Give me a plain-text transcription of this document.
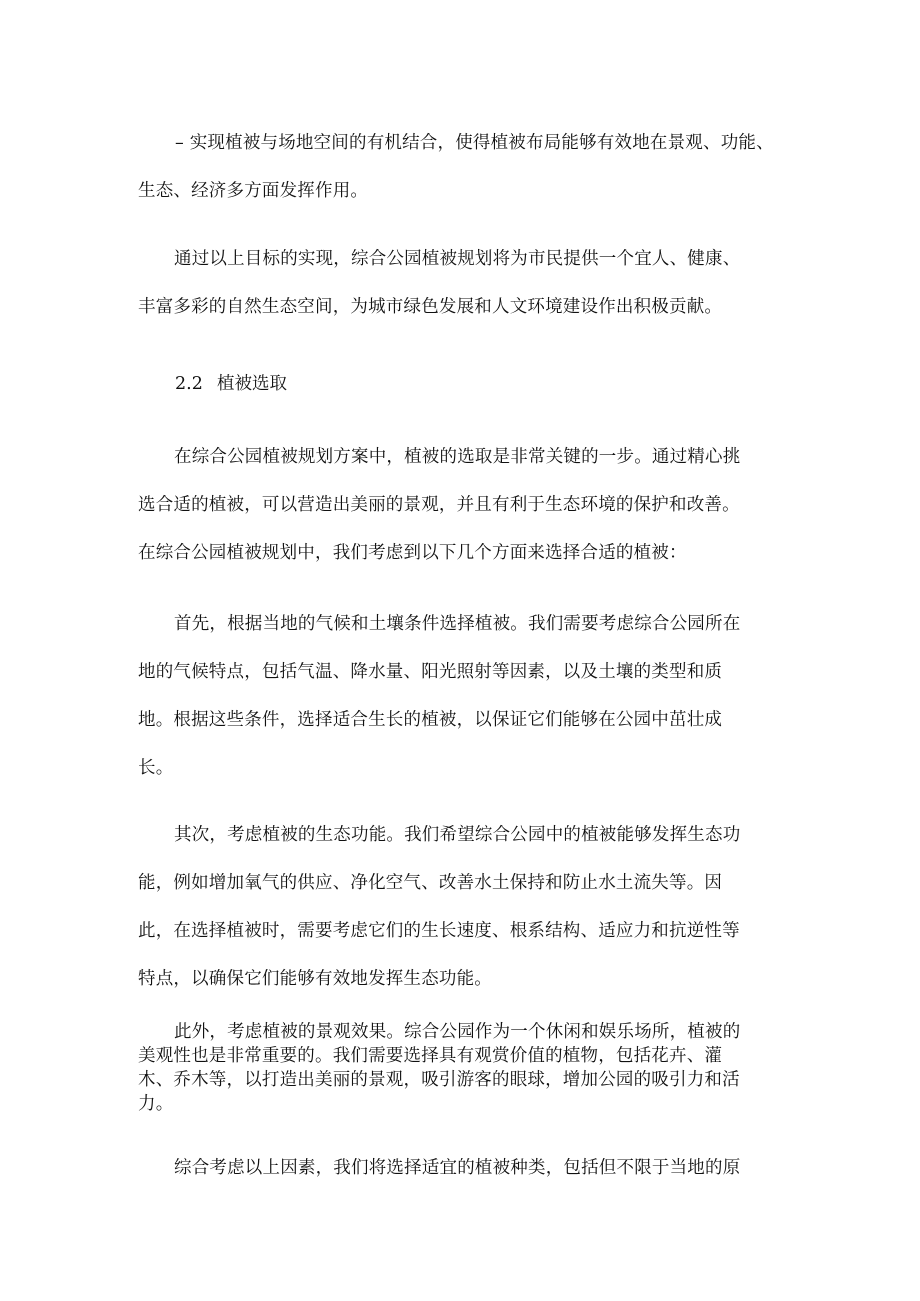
– 实现植被与场地空间的有机结合，使得植被布局能够有效地在景观、功能、
生态、经济多方面发挥作用。

通过以上目标的实现，综合公园植被规划将为市民提供一个宜人、健康、
丰富多彩的自然生态空间，为城市绿色发展和人文环境建设作出积极贡献。

2.2 植被选取

在综合公园植被规划方案中，植被的选取是非常关键的一步。通过精心挑
选合适的植被，可以营造出美丽的景观，并且有利于生态环境的保护和改善。
在综合公园植被规划中，我们考虑到以下几个方面来选择合适的植被：

首先，根据当地的气候和土壤条件选择植被。我们需要考虑综合公园所在
地的气候特点，包括气温、降水量、阳光照射等因素，以及土壤的类型和质
地。根据这些条件，选择适合生长的植被，以保证它们能够在公园中茁壮成
长。

其次，考虑植被的生态功能。我们希望综合公园中的植被能够发挥生态功
能，例如增加氧气的供应、净化空气、改善水土保持和防止水土流失等。因
此，在选择植被时，需要考虑它们的生长速度、根系结构、适应力和抗逆性等
特点，以确保它们能够有效地发挥生态功能。

此外，考虑植被的景观效果。综合公园作为一个休闲和娱乐场所，植被的
美观性也是非常重要的。我们需要选择具有观赏价值的植物，包括花卉、灌
木、乔木等，以打造出美丽的景观，吸引游客的眼球，增加公园的吸引力和活
力。

综合考虑以上因素，我们将选择适宜的植被种类，包括但不限于当地的原
